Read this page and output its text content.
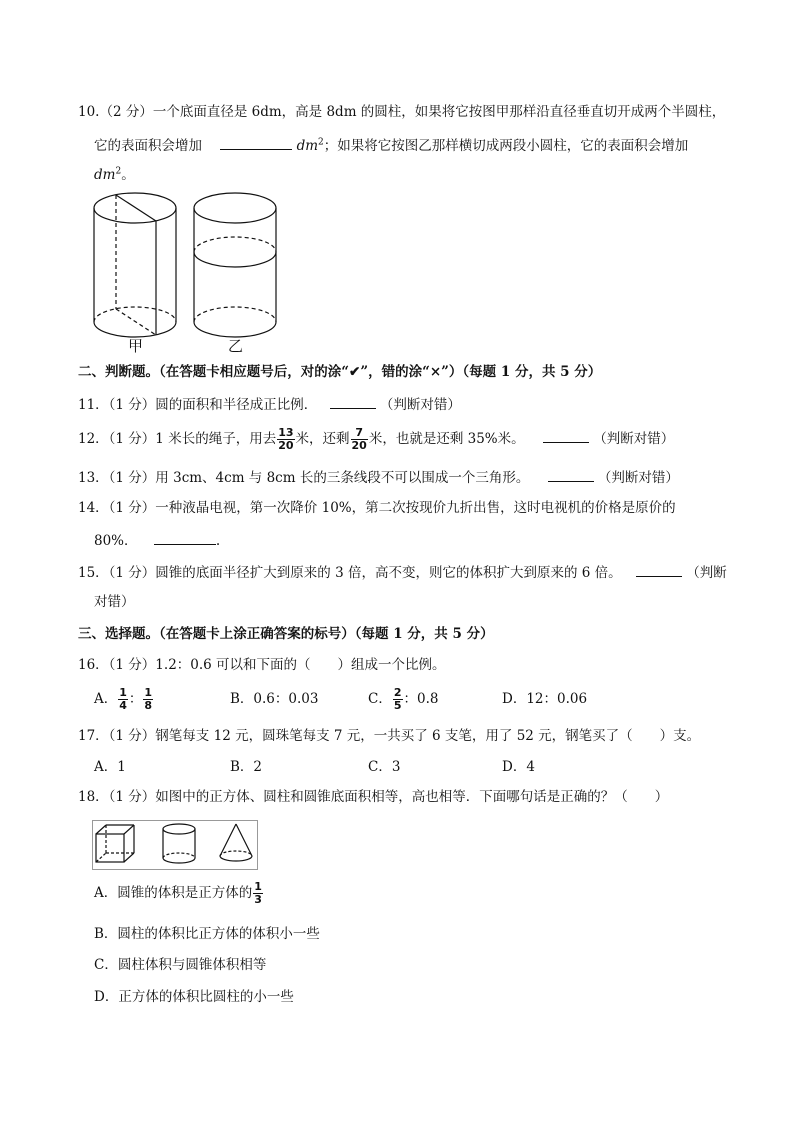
10.（2 分）一个底面直径是 6dm，高是 8dm 的圆柱，如果将它按图甲那样沿直径垂直切开成两个半圆柱，
它的表面积会增加	$dm^2$；如果将它按图乙那样横切成两段小圆柱，它的表面积会增加
$dm^2$。
甲	乙
二、判断题。（在答题卡相应题号后，对的涂“✔”，错的涂“×”）（每题 1 分，共 5 分）
11．（1 分）圆的面积和半径成正比例．	（判断对错）
12．（1 分）1 米长的绳子，用去 $\frac{13}{20}$ 米，还剩 $\frac{7}{20}$ 米，也就是还剩 35%米。	（判断对错）
13．（1 分）用 3cm、4cm 与 8cm 长的三条线段不可以围成一个三角形。	（判断对错）
14．（1 分）一种液晶电视，第一次降价 10%，第二次按现价九折出售，这时电视机的价格是原价的
80%．	.
15．（1 分）圆锥的底面半径扩大到原来的 3 倍，高不变，则它的体积扩大到原来的 6 倍。	（判断
对错）
三、选择题。（在答题卡上涂正确答案的标号）（每题 1 分，共 5 分）
16．（1 分）1.2：0.6 可以和下面的（　　）组成一个比例。
A． $\frac{1}{4}$ ： $\frac{1}{8}$	B．0.6：0.03	C． $\frac{2}{5}$ ：0.8	D．12：0.06
17．（1 分）钢笔每支 12 元，圆珠笔每支 7 元，一共买了 6 支笔，用了 52 元，钢笔买了（　　）支。
A．1	B．2	C．3	D．4
18．（1 分）如图中的正方体、圆柱和圆锥底面积相等，高也相等．下面哪句话是正确的？（　　）
A．圆锥的体积是正方体的 $\frac{1}{3}$
B．圆柱的体积比正方体的体积小一些
C．圆柱体积与圆锥体积相等
D．正方体的体积比圆柱的小一些
